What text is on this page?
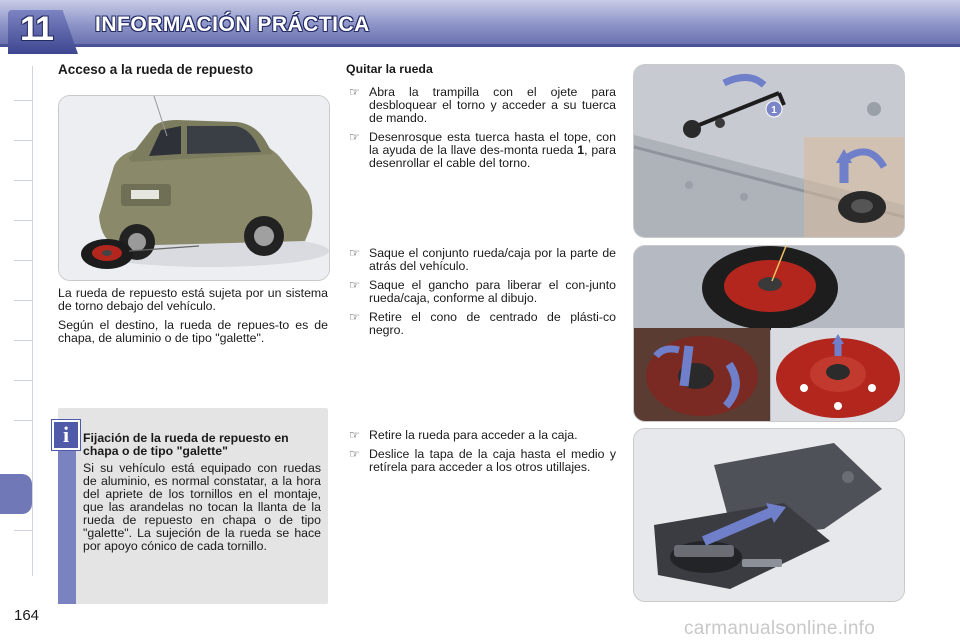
11	INFORMACIÓN PRÁCTICA
Acceso a la rueda de repuesto

La rueda de repuesto está sujeta por un sistema de torno debajo del vehículo.

Según el destino, la rueda de repues-to es de chapa, de aluminio o de tipo "galette".

i	Fijación de la rueda de repuesto en chapa o de tipo "galette"
Si su vehículo está equipado con ruedas de aluminio, es normal constatar, a la hora del apriete de los tornillos en el montaje, que las arandelas no tocan la llanta de la rueda de repuesto en chapa o de tipo "galette". La sujeción de la rueda se hace por apoyo cónico de cada tornillo.
Quitar la rueda
☞ Abra la trampilla con el ojete para desbloquear el torno y acceder a su tuerca de mando.
☞ Desenrosque esta tuerca hasta el tope, con la ayuda de la llave des-monta rueda 1, para desenrollar el cable del torno.
☞ Saque el conjunto rueda/caja por la parte de atrás del vehículo.
☞ Saque el gancho para liberar el con-junto rueda/caja, conforme al dibujo.
☞ Retire el cono de centrado de plásti-co negro.
☞ Retire la rueda para acceder a la caja.
☞ Deslice la tapa de la caja hasta el medio y retírela para acceder a los otros utillajes.
1
164
carmanualsonline.info
